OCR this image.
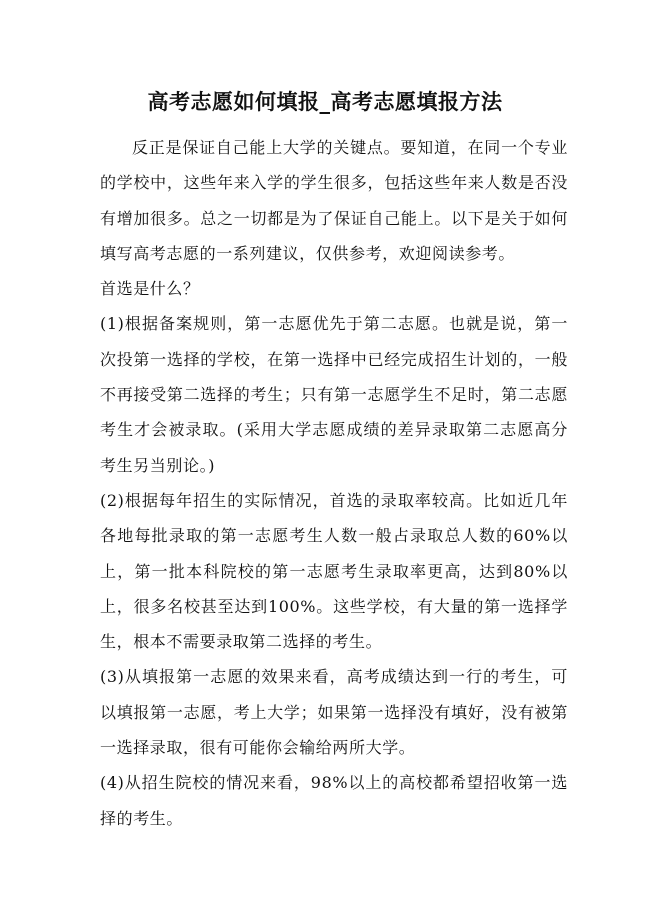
高考志愿如何填报_高考志愿填报方法

反正是保证自己能上大学的关键点。要知道，在同一个专业的学校中，这些年来入学的学生很多，包括这些年来人数是否没有增加很多。总之一切都是为了保证自己能上。以下是关于如何填写高考志愿的一系列建议，仅供参考，欢迎阅读参考。

首选是什么？

(1)根据备案规则，第一志愿优先于第二志愿。也就是说，第一次投第一选择的学校，在第一选择中已经完成招生计划的，一般不再接受第二选择的考生；只有第一志愿学生不足时，第二志愿考生才会被录取。(采用大学志愿成绩的差异录取第二志愿高分考生另当别论。)

(2)根据每年招生的实际情况，首选的录取率较高。比如近几年各地每批录取的第一志愿考生人数一般占录取总人数的60%以上，第一批本科院校的第一志愿考生录取率更高，达到80%以上，很多名校甚至达到100%。这些学校，有大量的第一选择学生，根本不需要录取第二选择的考生。

(3)从填报第一志愿的效果来看，高考成绩达到一行的考生，可以填报第一志愿，考上大学；如果第一选择没有填好，没有被第一选择录取，很有可能你会输给两所大学。

(4)从招生院校的情况来看，98%以上的高校都希望招收第一选择的考生。
